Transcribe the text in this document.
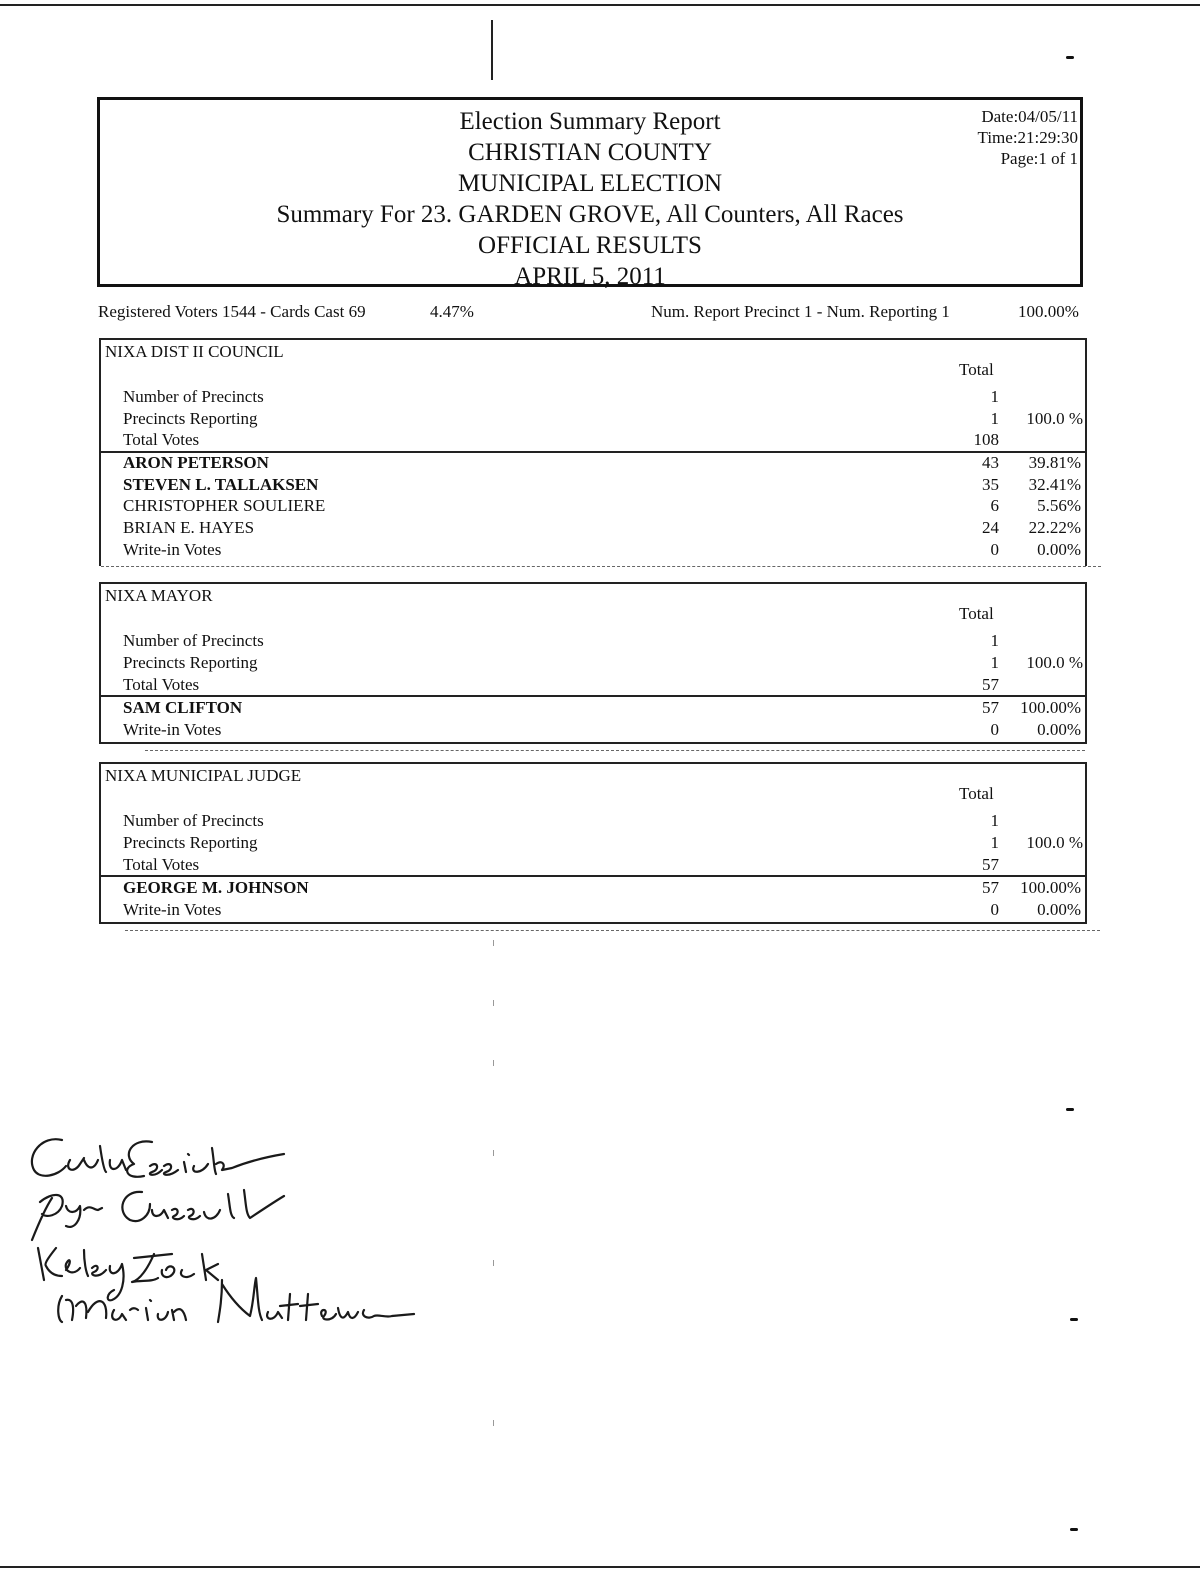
Election Summary Report
CHRISTIAN COUNTY
MUNICIPAL ELECTION
Summary For 23. GARDEN GROVE, All Counters, All Races
OFFICIAL RESULTS
APRIL 5, 2011
Date:04/05/11
Time:21:29:30
Page:1 of 1
Registered Voters 1544 - Cards Cast 69	4.47%	Num. Report Precinct 1 - Num. Reporting 1	100.00%
NIXA DIST II COUNCIL
Total
Number of Precincts	1
Precincts Reporting	1 100.0 %
Total Votes	108
ARON PETERSON	43 39.81%
STEVEN L. TALLAKSEN	35 32.41%
CHRISTOPHER SOULIERE	6 5.56%
BRIAN E. HAYES	24 22.22%
Write-in Votes	0 0.00%
NIXA MAYOR
Total
Number of Precincts	1
Precincts Reporting	1 100.0 %
Total Votes	57
SAM CLIFTON	57 100.00%
Write-in Votes	0 0.00%
NIXA MUNICIPAL JUDGE
Total
Number of Precincts	1
Precincts Reporting	1 100.0 %
Total Votes	57
GEORGE M. JOHNSON	57 100.00%
Write-in Votes	0 0.00%
